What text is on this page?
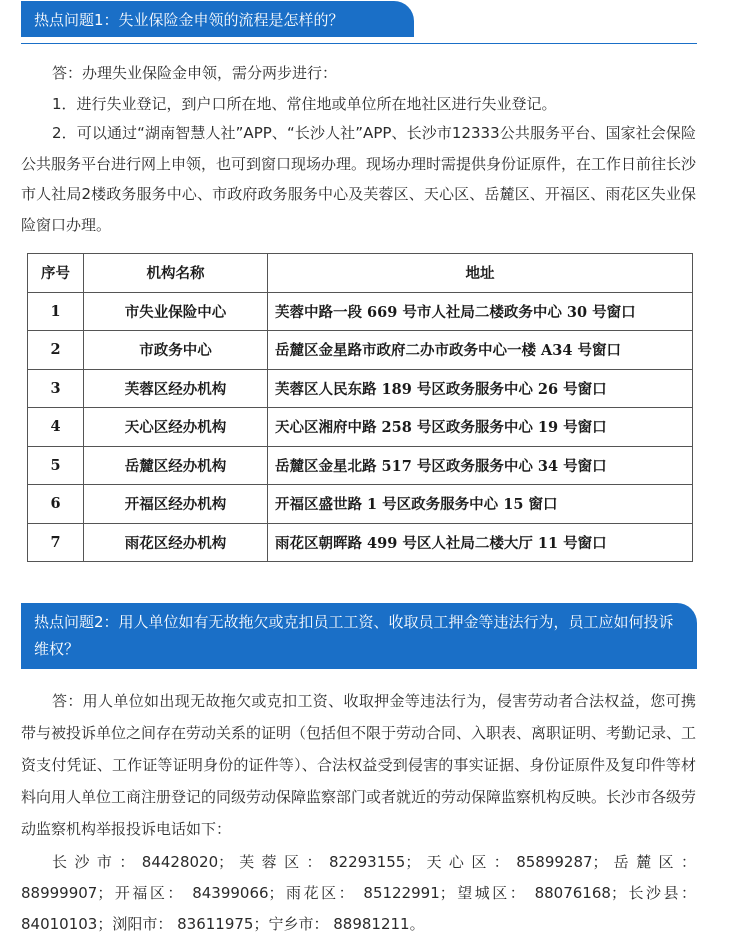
热点问题1：失业保险金申领的流程是怎样的？

答：办理失业保险金申领，需分两步进行：

1．进行失业登记，到户口所在地、常住地或单位所在地社区进行失业登记。

2．可以通过“湖南智慧人社”APP、“长沙人社”APP、长沙市12333公共服务平台、国家社会保险公共服务平台进行网上申领，也可到窗口现场办理。现场办理时需提供身份证原件，在工作日前往长沙市人社局2楼政务服务中心、市政府政务服务中心及芙蓉区、天心区、岳麓区、开福区、雨花区失业保险窗口办理。

序号	机构名称	地址
1	市失业保险中心	芙蓉中路一段 669 号市人社局二楼政务中心 30 号窗口
2	市政务中心	岳麓区金星路市政府二办市政务中心一楼 A34 号窗口
3	芙蓉区经办机构	芙蓉区人民东路 189 号区政务服务中心 26 号窗口
4	天心区经办机构	天心区湘府中路 258 号区政务服务中心 19 号窗口
5	岳麓区经办机构	岳麓区金星北路 517 号区政务服务中心 34 号窗口
6	开福区经办机构	开福区盛世路 1 号区政务服务中心 15 窗口
7	雨花区经办机构	雨花区朝晖路 499 号区人社局二楼大厅 11 号窗口
热点问题2：用人单位如有无故拖欠或克扣员工工资、收取员工押金等违法行为，员工应如何投诉维权？

答：用人单位如出现无故拖欠或克扣工资、收取押金等违法行为，侵害劳动者合法权益，您可携带与被投诉单位之间存在劳动关系的证明（包括但不限于劳动合同、入职表、离职证明、考勤记录、工资支付凭证、工作证等证明身份的证件等）、合法权益受到侵害的事实证据、身份证原件及复印件等材料向用人单位工商注册登记的同级劳动保障监察部门或者就近的劳动保障监察机构反映。长沙市各级劳动监察机构举报投诉电话如下：

长 沙 市 ： 84428020； 芙 蓉 区 ： 82293155； 天 心 区 ： 85899287； 岳 麓 区 ： 88999907；开福区： 84399066；雨花区： 85122991；望城区： 88076168；长沙县： 84010103；浏阳市： 83611975；宁乡市： 88981211。
